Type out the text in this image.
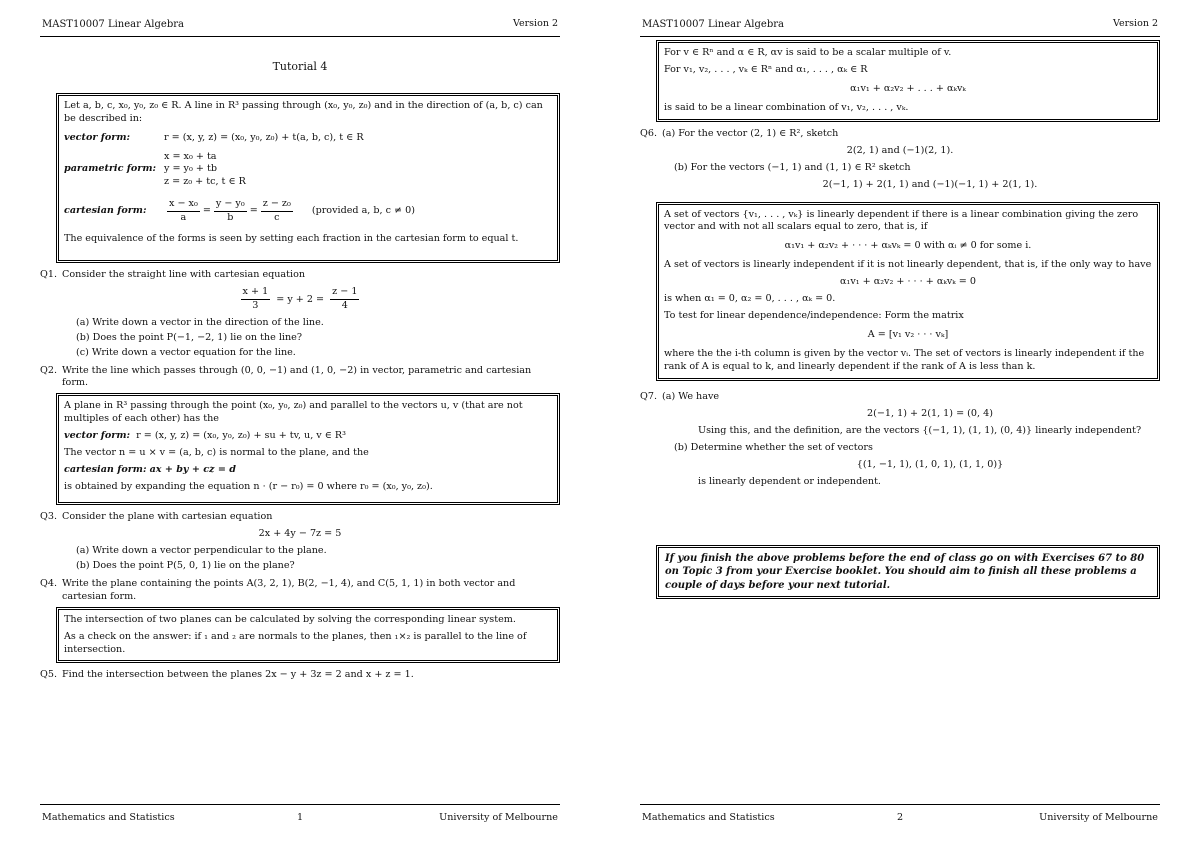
MAST10007 Linear Algebra	Version 2
Tutorial 4

Let a, b, c, x₀, y₀, z₀ ∈ R. A line in R³ passing through (x₀, y₀, z₀) and in the direction of (a, b, c) can be described in:

vector form:	r = (x, y, z) = (x₀, y₀, z₀) + t(a, b, c), t ∈ R
parametric form:
x = x₀ + ta
y = y₀ + tb
z = z₀ + tc, t ∈ R
cartesian form:	$\frac{\text{x − x₀}}{a} = \frac{\text{y − y₀}}{b} = \frac{\text{z − z₀}}{c}$ (provided a, b, c ≠ 0)

The equivalence of the forms is seen by setting each fraction in the cartesian form to equal t.

Q1. Consider the straight line with cartesian equation
$\frac{x + 1}{3} = y + 2 = \frac{z - 1}{4}$
(a) Write down a vector in the direction of the line.
(b) Does the point P(−1, −2, 1) lie on the line?
(c) Write down a vector equation for the line.
Q2. Write the line which passes through (0, 0, −1) and (1, 0, −2) in vector, parametric and cartesian form.

A plane in R³ passing through the point (x₀, y₀, z₀) and parallel to the vectors u, v (that are not multiples of each other) has the

vector form: r = (x, y, z) = (x₀, y₀, z₀) + su + tv, u, v ∈ R³

The vector n = u × v = (a, b, c) is normal to the plane, and the

cartesian form: ax + by + cz = d

is obtained by expanding the equation n · (r − r₀) = 0 where r₀ = (x₀, y₀, z₀).

Q3. Consider the plane with cartesian equation
2x + 4y − 7z = 5
(a) Write down a vector perpendicular to the plane.
(b) Does the point P(5, 0, 1) lie on the plane?
Q4. Write the plane containing the points A(3, 2, 1), B(2, −1, 4), and C(5, 1, 1) in both vector and cartesian form.

The intersection of two planes can be calculated by solving the corresponding linear system.

As a check on the answer: if ₁ and ₂ are normals to the planes, then ₁×₂ is parallel to the line of intersection.

Q5. Find the intersection between the planes 2x − y + 3z = 2 and x + z = 1.
Mathematics and Statistics	1	University of Melbourne
MAST10007 Linear Algebra	Version 2

For v ∈ Rⁿ and α ∈ R, αv is said to be a scalar multiple of v.

For v₁, v₂, . . . , vₖ ∈ Rⁿ and α₁, . . . , αₖ ∈ R

α₁v₁ + α₂v₂ + . . . + αₖvₖ

is said to be a linear combination of v₁, v₂, . . . , vₖ.

Q6. (a) For the vector (2, 1) ∈ R², sketch
2(2, 1) and (−1)(2, 1).
(b) For the vectors (−1, 1) and (1, 1) ∈ R² sketch
2(−1, 1) + 2(1, 1) and (−1)(−1, 1) + 2(1, 1).

A set of vectors {v₁, . . . , vₖ} is linearly dependent if there is a linear combination giving the zero vector and with not all scalars equal to zero, that is, if

α₁v₁ + α₂v₂ + · · · + αₖvₖ = 0 with αᵢ ≠ 0 for some i.

A set of vectors is linearly independent if it is not linearly dependent, that is, if the only way to have

α₁v₁ + α₂v₂ + · · · + αₖvₖ = 0

is when α₁ = 0, α₂ = 0, . . . , αₖ = 0.

To test for linear dependence/independence: Form the matrix

A = [v₁ v₂ · · · vₖ]

where the the i-th column is given by the vector vᵢ. The set of vectors is linearly independent if the rank of A is equal to k, and linearly dependent if the rank of A is less than k.

Q7. (a) We have
2(−1, 1) + 2(1, 1) = (0, 4)
Using this, and the definition, are the vectors {(−1, 1), (1, 1), (0, 4)} linearly independent?
(b) Determine whether the set of vectors
{(1, −1, 1), (1, 0, 1), (1, 1, 0)}
is linearly dependent or independent.
If you finish the above problems before the end of class go on with Exercises 67 to 80 on Topic 3 from your Exercise booklet. You should aim to finish all these problems a couple of days before your next tutorial.
Mathematics and Statistics	2	University of Melbourne
